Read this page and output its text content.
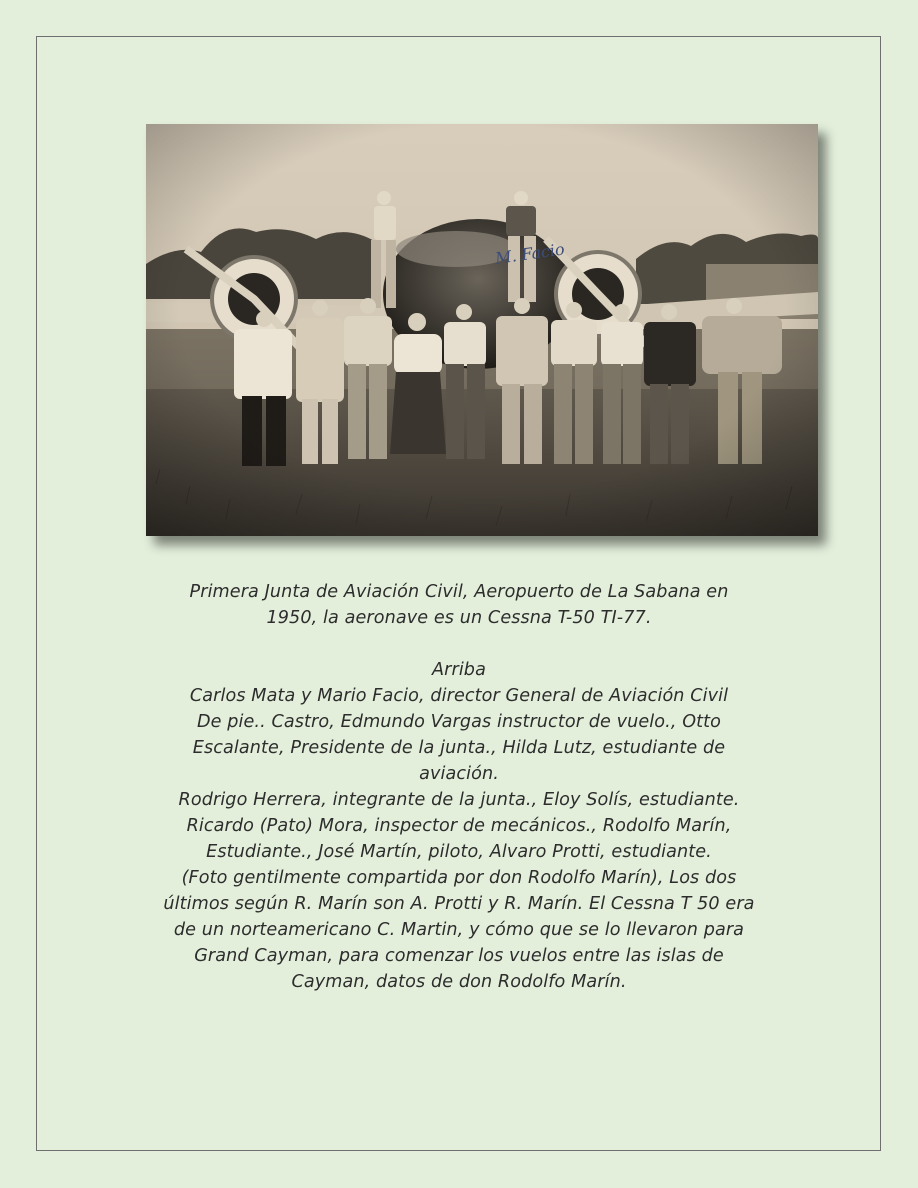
Primera Junta de Aviación Civil, Aeropuerto de La Sabana en
1950, la aeronave es un Cessna T-50 TI-77.
Arriba
Carlos Mata y Mario Facio, director General de Aviación Civil
De pie.. Castro, Edmundo Vargas instructor de vuelo., Otto
Escalante, Presidente de la junta., Hilda Lutz, estudiante de
aviación.
Rodrigo Herrera, integrante de la junta., Eloy Solís, estudiante.
Ricardo (Pato) Mora, inspector de mecánicos., Rodolfo Marín,
Estudiante., José Martín, piloto, Alvaro Protti, estudiante.
(Foto gentilmente compartida por don Rodolfo Marín), Los dos
últimos según R. Marín son A. Protti y R. Marín. El Cessna T 50 era
de un norteamericano C. Martin, y cómo que se lo llevaron para
Grand Cayman, para comenzar los vuelos entre las islas de
Cayman, datos de don Rodolfo Marín.
